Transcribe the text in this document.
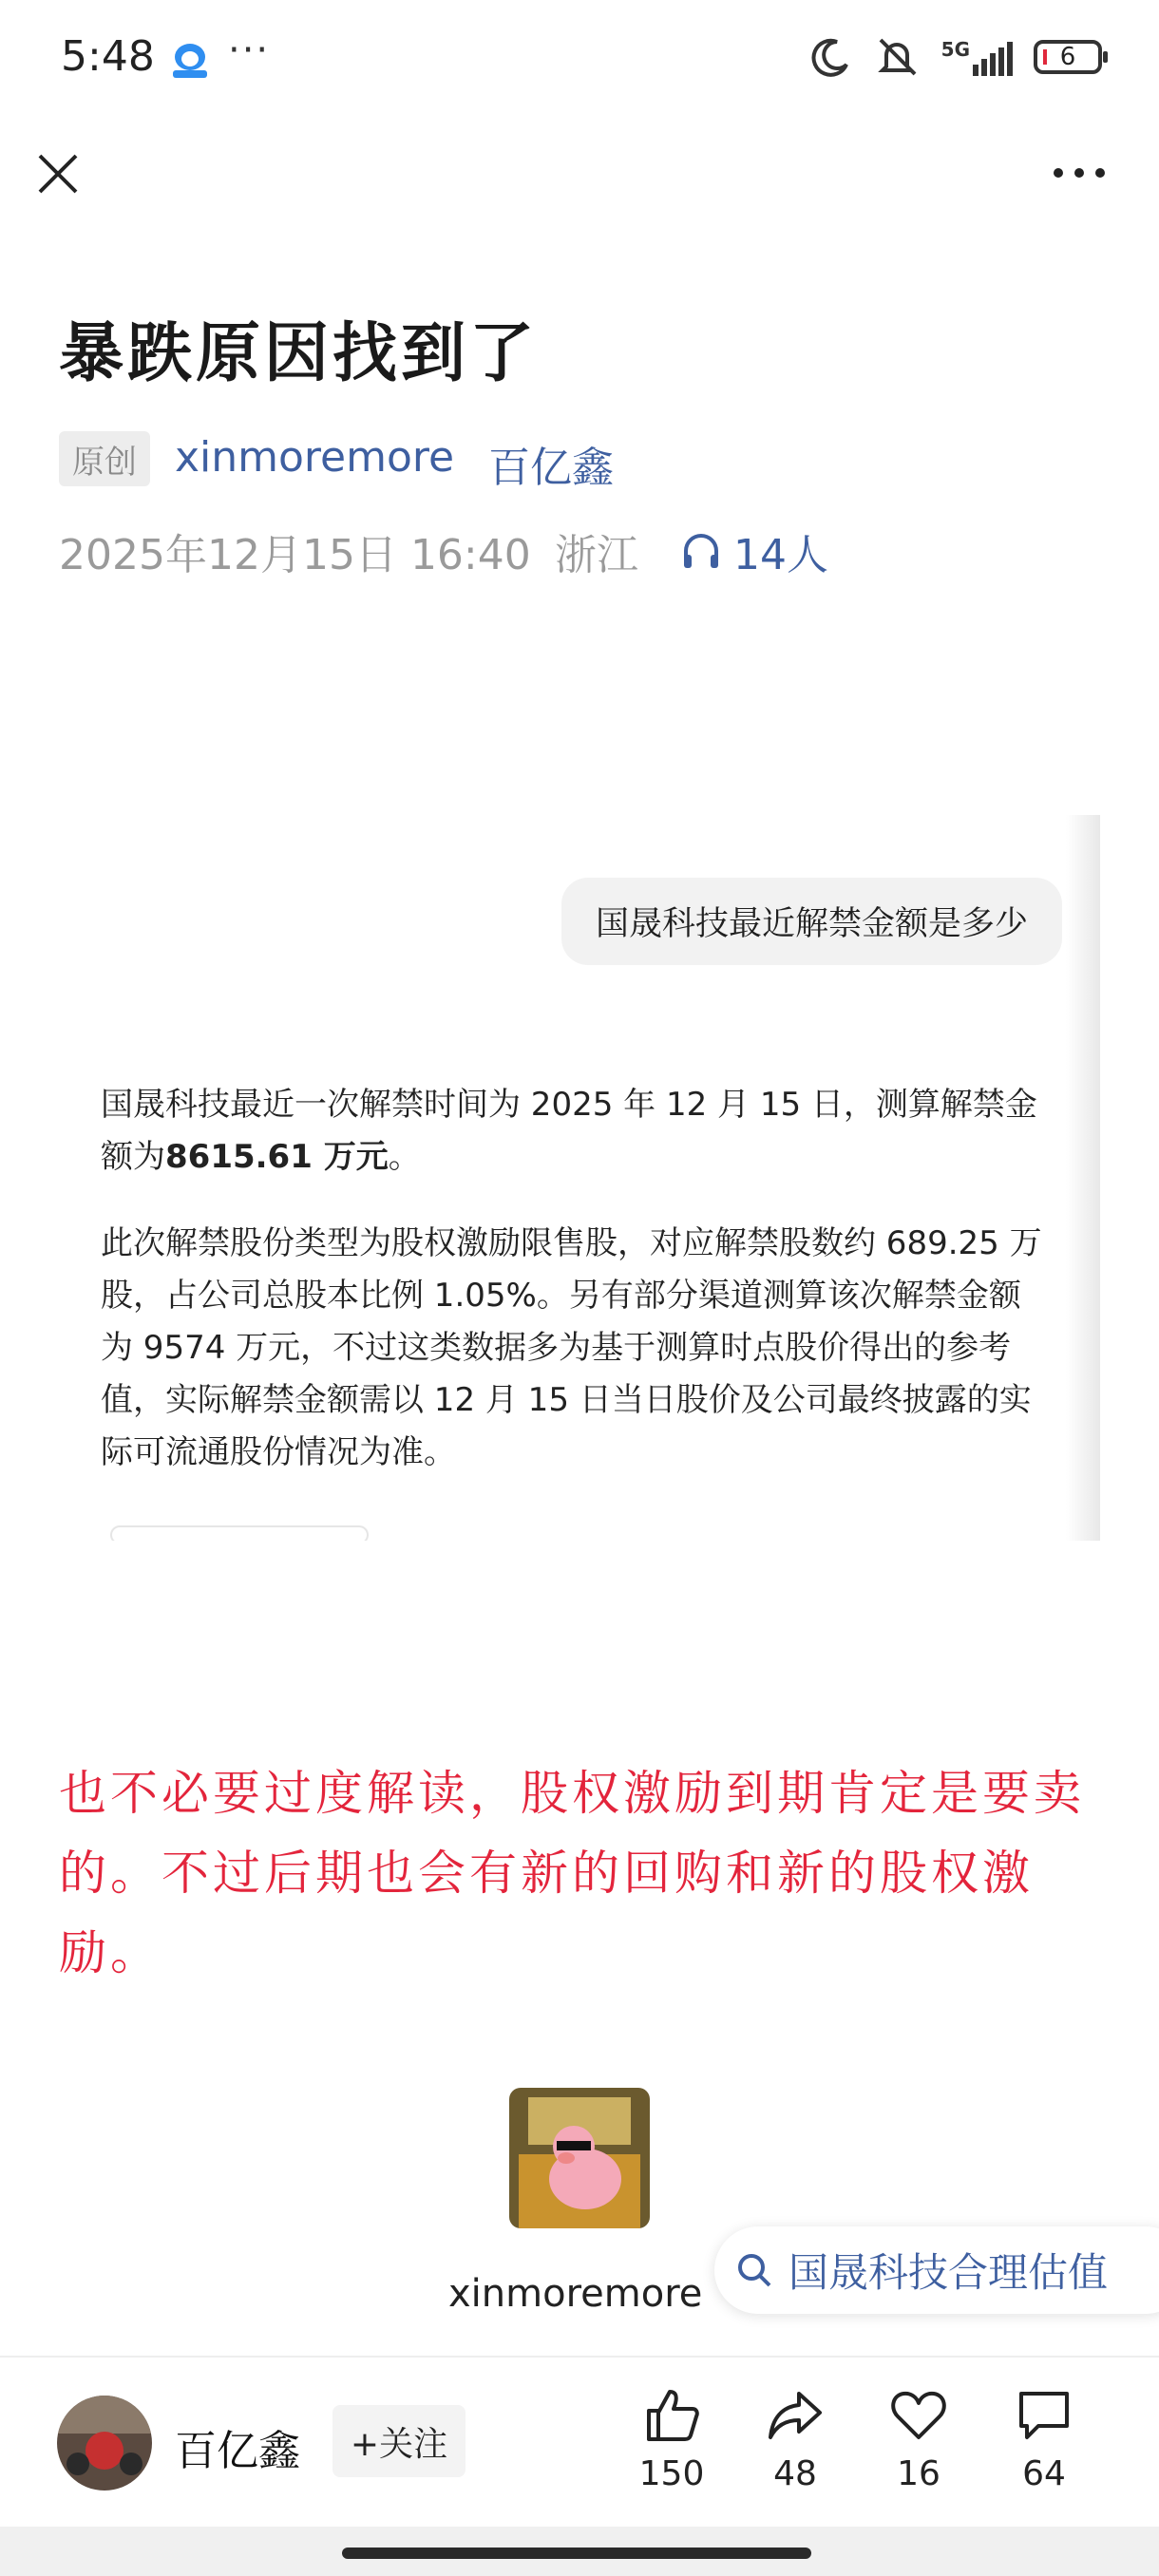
5:48 ···	5G	6
暴跌原因找到了
原创 xinmoremore 百亿鑫
2025年12月15日 16:40 浙江 14人
国晟科技最近解禁金额是多少

国晟科技最近一次解禁时间为 2025 年 12 月 15 日，测算解禁金额为8615.61 万元。

此次解禁股份类型为股权激励限售股，对应解禁股数约 689.25 万股，占公司总股本比例 1.05%。另有部分渠道测算该次解禁金额为 9574 万元，不过这类数据多为基于测算时点股价得出的参考值，实际解禁金额需以 12 月 15 日当日股价及公司最终披露的实际可流通股份情况为准。

也不必要过度解读，股权激励到期肯定是要卖的。不过后期也会有新的回购和新的股权激励。
xinmoremore 国晟科技合理估值
百亿鑫	+关注
150 48 16 64
